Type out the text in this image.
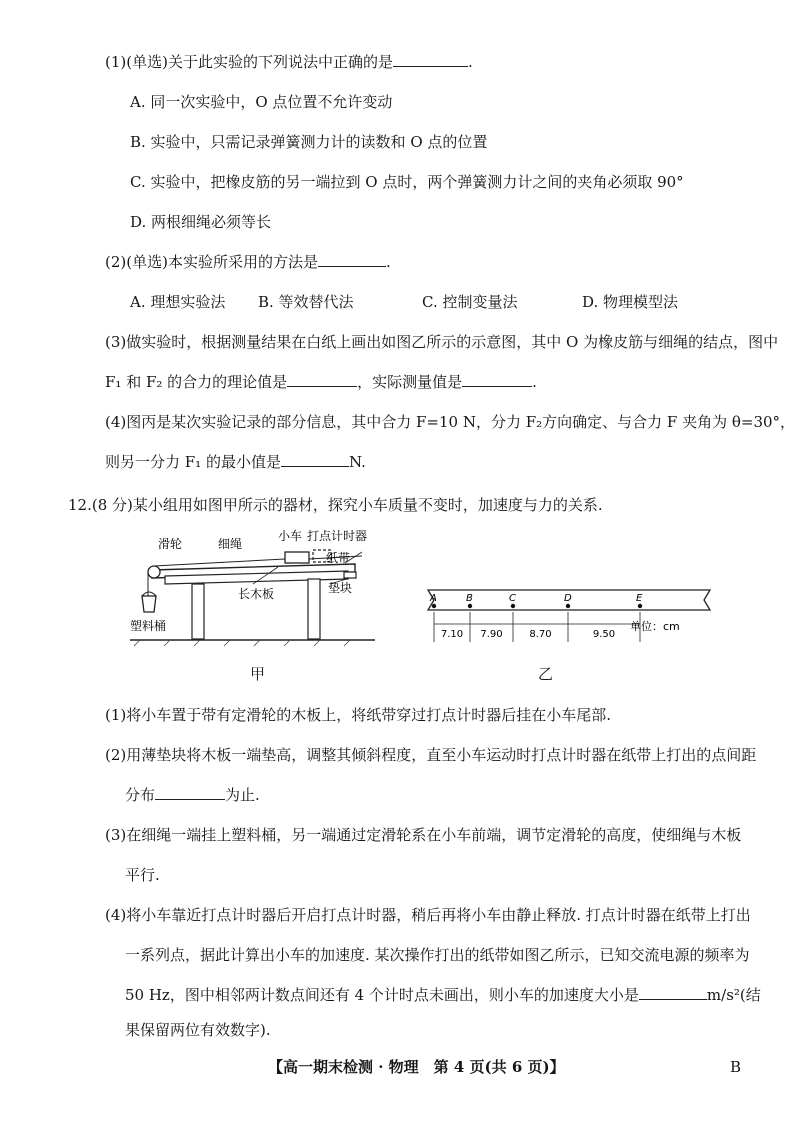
(1)(单选)关于此实验的下列说法中正确的是	.
A. 同一次实验中，O 点位置不允许变动
B. 实验中，只需记录弹簧测力计的读数和 O 点的位置
C. 实验中，把橡皮筋的另一端拉到 O 点时，两个弹簧测力计之间的夹角必须取 90°
D. 两根细绳必须等长
(2)(单选)本实验所采用的方法是	.
A. 理想实验法 B. 等效替代法	C. 控制变量法	D. 物理模型法
(3)做实验时，根据测量结果在白纸上画出如图乙所示的示意图，其中 O 为橡皮筋与细绳的结点，图中
F₁ 和 F₂ 的合力的理论值是	，实际测量值是	.
(4)图丙是某次实验记录的部分信息，其中合力 F=10 N，分力 F₂方向确定、与合力 F 夹角为 θ=30°，
则另一分力 F₁ 的最小值是	N.
12.(8 分)某小组用如图甲所示的器材，探究小车质量不变时，加速度与力的关系.
滑轮	细绳
小车 打点计时器
纸带
长木板	垫块
塑料桶
甲
A	B	C	D	E
7.10 7.90	8.70	9.50
单位：cm
乙
(1)将小车置于带有定滑轮的木板上，将纸带穿过打点计时器后挂在小车尾部.
(2)用薄垫块将木板一端垫高，调整其倾斜程度，直至小车运动时打点计时器在纸带上打出的点间距
分布	为止.
(3)在细绳一端挂上塑料桶，另一端通过定滑轮系在小车前端，调节定滑轮的高度，使细绳与木板
平行.
(4)将小车靠近打点计时器后开启打点计时器，稍后再将小车由静止释放. 打点计时器在纸带上打出
一系列点，据此计算出小车的加速度. 某次操作打出的纸带如图乙所示，已知交流电源的频率为
50 Hz，图中相邻两计数点间还有 4 个计时点未画出，则小车的加速度大小是	m/s²(结
果保留两位有效数字).
【高一期末检测 · 物理　第 4 页(共 6 页)】	B
